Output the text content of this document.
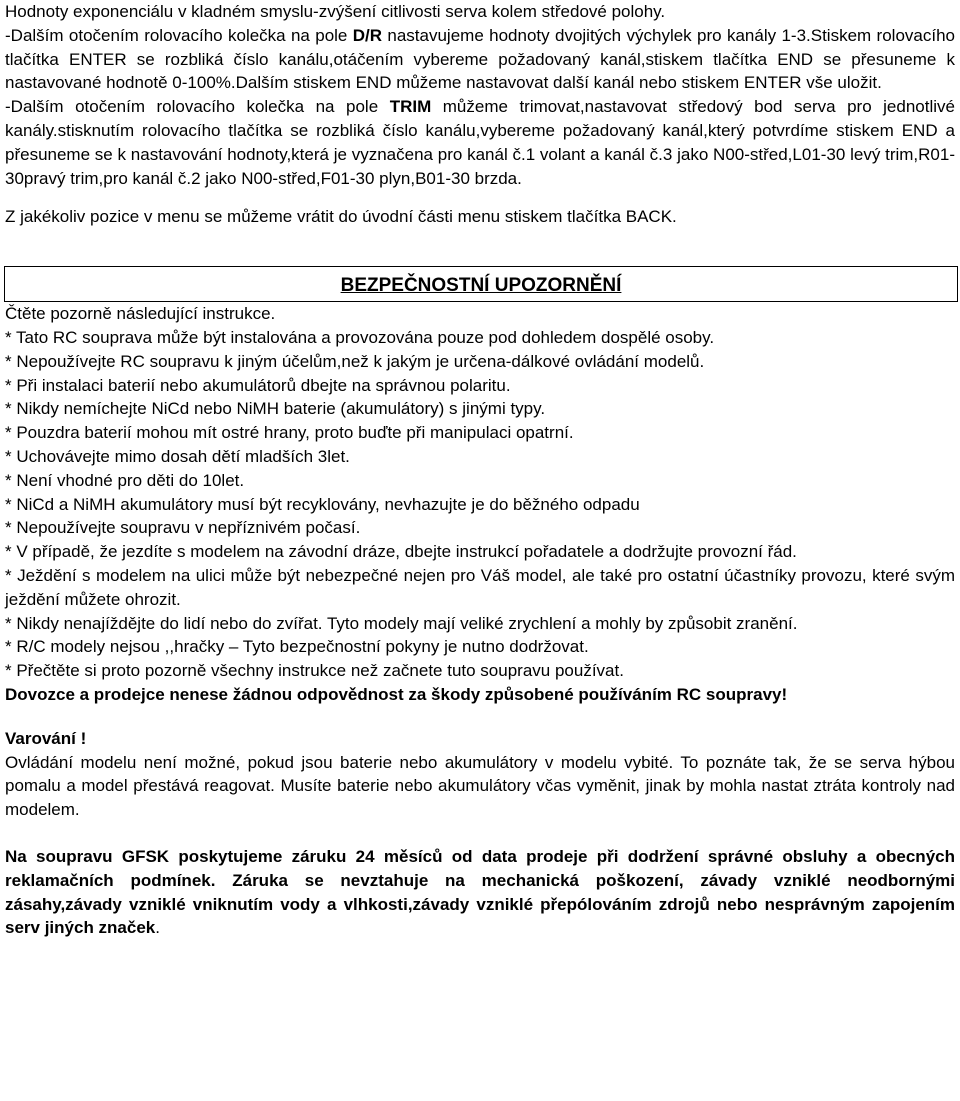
Hodnoty exponenciálu v kladném smyslu-zvýšení citlivosti serva kolem středové polohy.

-Dalším otočením rolovacího kolečka na pole D/R nastavujeme hodnoty dvojitých výchylek pro kanály 1-3.Stiskem rolovacího tlačítka ENTER se rozbliká číslo kanálu,otáčením vybereme požadovaný kanál,stiskem tlačítka END se přesuneme k nastavované hodnotě 0-100%.Dalším stiskem END můžeme nastavovat další kanál nebo stiskem ENTER vše uložit.

-Dalším otočením rolovacího kolečka na pole TRIM můžeme trimovat,nastavovat středový bod serva pro jednotlivé kanály.stisknutím rolovacího tlačítka se rozbliká číslo kanálu,vybereme požadovaný kanál,který potvrdíme stiskem END a přesuneme se k nastavování hodnoty,která je vyznačena pro kanál č.1 volant a kanál č.3 jako N00-střed,L01-30 levý trim,R01-30pravý trim,pro kanál č.2 jako N00-střed,F01-30 plyn,B01-30 brzda.

Z jakékoliv pozice v menu se můžeme vrátit do úvodní části menu stiskem tlačítka BACK.

BEZPEČNOSTNÍ UPOZORNĚNÍ

Čtěte pozorně následující instrukce.

* Tato RC souprava může být instalována a provozována pouze pod dohledem dospělé osoby.

* Nepoužívejte RC soupravu k jiným účelům,než k jakým je určena-dálkové ovládání modelů.

* Při instalaci baterií nebo akumulátorů dbejte na správnou polaritu.

* Nikdy nemíchejte NiCd nebo NiMH baterie (akumulátory) s jinými typy.

* Pouzdra baterií mohou mít ostré hrany, proto buďte při manipulaci opatrní.

* Uchovávejte mimo dosah dětí mladších 3let.

* Není vhodné pro děti do 10let.

* NiCd a NiMH akumulátory musí být recyklovány, nevhazujte je do běžného odpadu

* Nepoužívejte soupravu v nepříznivém počasí.

* V případě, že jezdíte s modelem na závodní dráze, dbejte instrukcí pořadatele a dodržujte provozní řád.

* Ježdění s modelem na ulici může být nebezpečné nejen pro Váš model, ale také pro ostatní účastníky provozu, které svým ježdění můžete ohrozit.

* Nikdy nenajíždějte do lidí nebo do zvířat. Tyto modely mají veliké zrychlení a mohly by způsobit zranění.

* R/C modely nejsou ,,hračky – Tyto bezpečnostní pokyny je nutno dodržovat.

* Přečtěte si proto pozorně všechny instrukce než začnete tuto soupravu používat.

Dovozce a prodejce nenese žádnou odpovědnost za škody způsobené používáním RC soupravy!

Varování !

Ovládání modelu není možné, pokud jsou baterie nebo akumulátory v modelu vybité. To poznáte tak, že se serva hýbou pomalu a model přestává reagovat. Musíte baterie nebo akumulátory včas vyměnit, jinak by mohla nastat ztráta kontroly nad modelem.

Na soupravu GFSK poskytujeme záruku 24 měsíců od data prodeje při dodržení správné obsluhy a obecných reklamačních podmínek. Záruka se nevztahuje na mechanická poškození, závady vzniklé neodbornými zásahy,závady vzniklé vniknutím vody a vlhkosti,závady vzniklé přepólováním zdrojů nebo nesprávným zapojením serv jiných značek.
